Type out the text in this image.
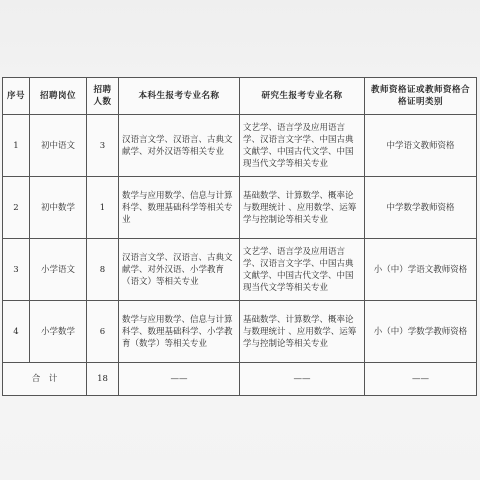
序号	招聘岗位	招聘人数	本科生报考专业名称	研究生报考专业名称	教师资格证或教师资格合格证明类别
1	初中语文	3	汉语言文学、汉语言、古典文献学、对外汉语等相关专业	文艺学、语言学及应用语言学、汉语言文字学、中国古典文献学、中国古代文学、中国现当代文学等相关专业	中学语文教师资格
2	初中数学	1	数学与应用数学、信息与计算科学、数理基础科学等相关专业	基础数学、计算数学、概率论与数理统计 、应用数学、运筹学与控制论等相关专业	中学数学教师资格
3	小学语文	8	汉语言文学、汉语言、古典文献学、对外汉语、小学教育（语文）等相关专业	文艺学、语言学及应用语言学、汉语言文字学、中国古典文献学、中国古代文学、中国现当代文学等相关专业	小（中）学语文教师资格
4	小学数学	6	数学与应用数学、信息与计算科学、数理基础科学、小学教育（数学）等相关专业	基础数学、计算数学、概率论与数理统计 、应用数学、运筹学与控制论等相关专业	小（中）学数学教师资格
合　计		18	——	——	——
